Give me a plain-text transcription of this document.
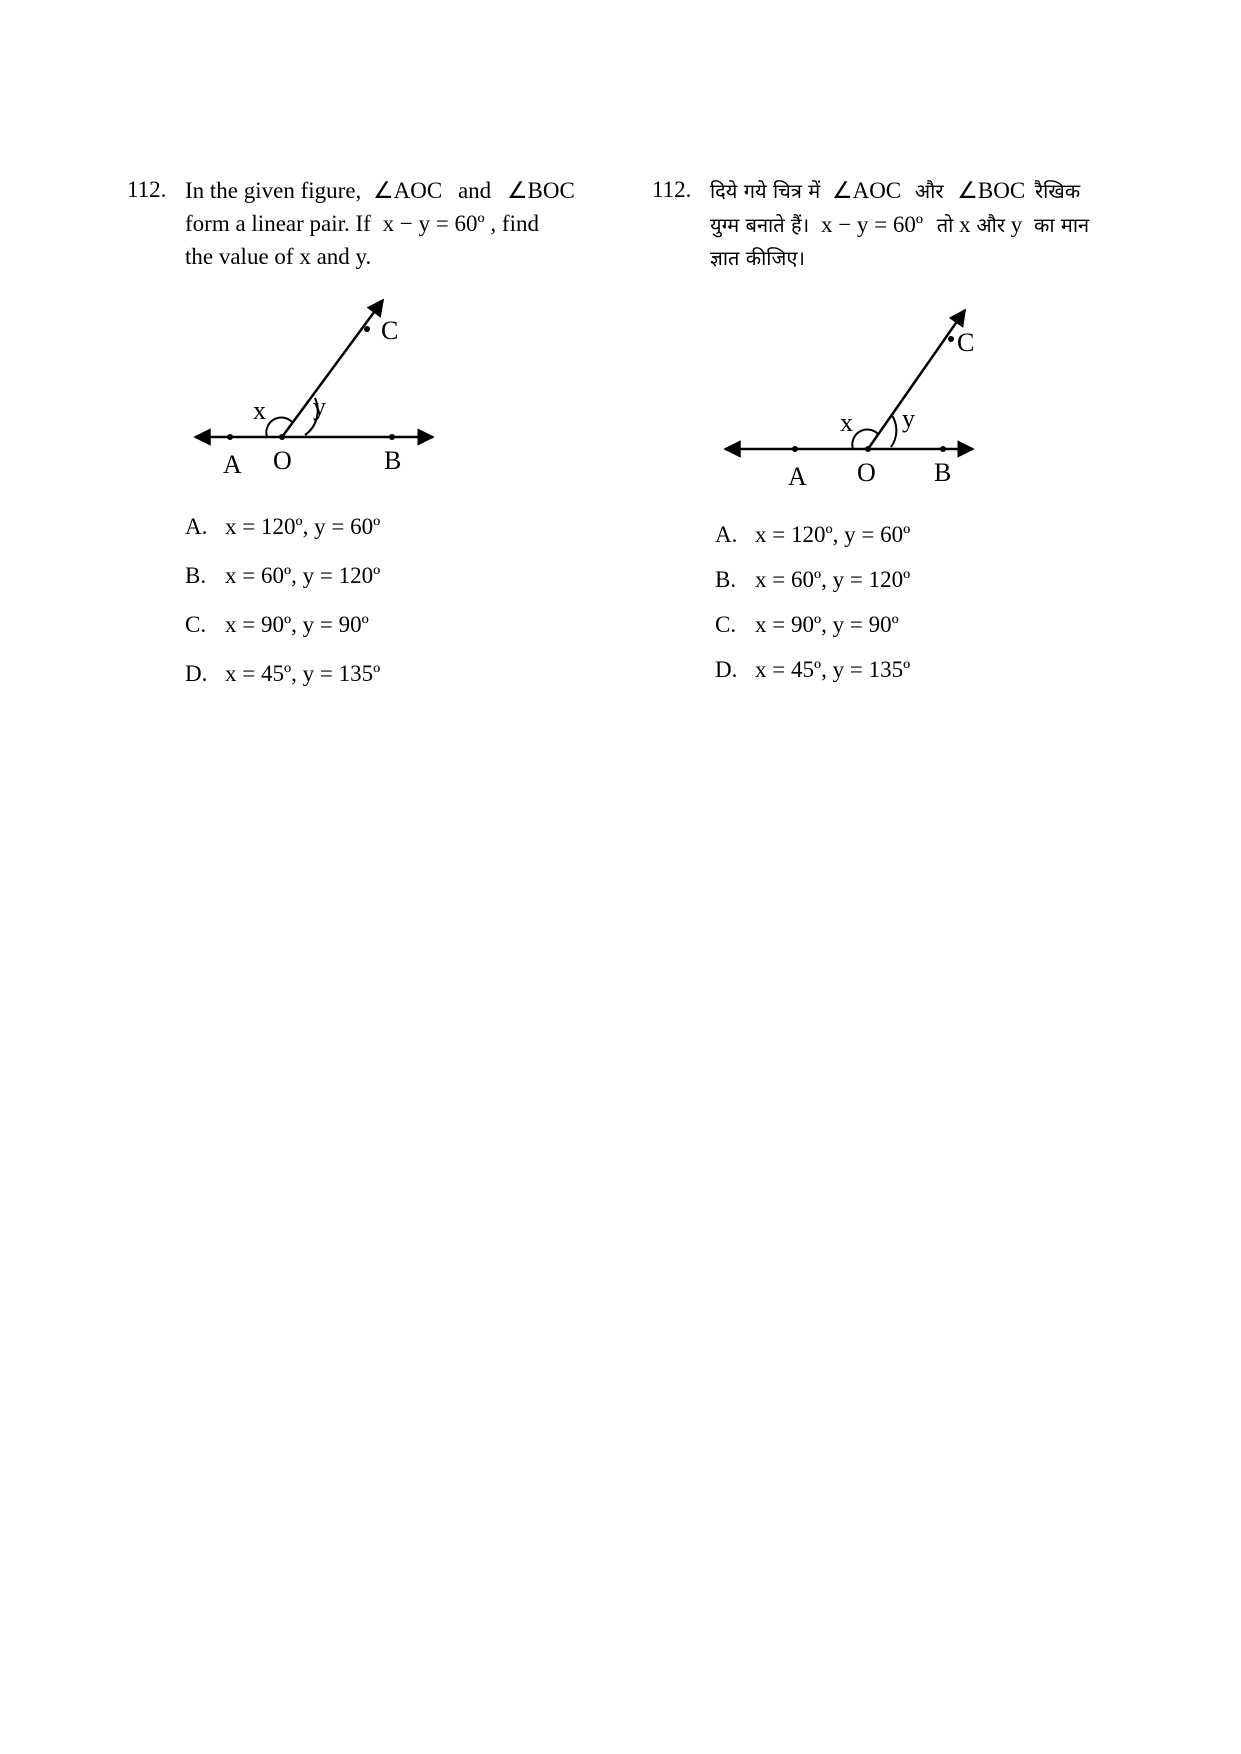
112. In the given figure, ∠AOC and ∠BOC
form a linear pair. If x − y = 60º , find
the value of x and y.
x y
C
A O	B
A. x = 120º, y = 60º
B. x = 60º, y = 120º
C. x = 90º, y = 90º
D. x = 45º, y = 135º
112. दिये गये चित्र में ∠AOC और ∠BOC रैखिक
युग्म बनाते हैं। x − y = 60º तो x और y का मान
ज्ञात कीजिए।
x y
C
A O B
A. x = 120º, y = 60º
B. x = 60º, y = 120º
C. x = 90º, y = 90º
D. x = 45º, y = 135º
